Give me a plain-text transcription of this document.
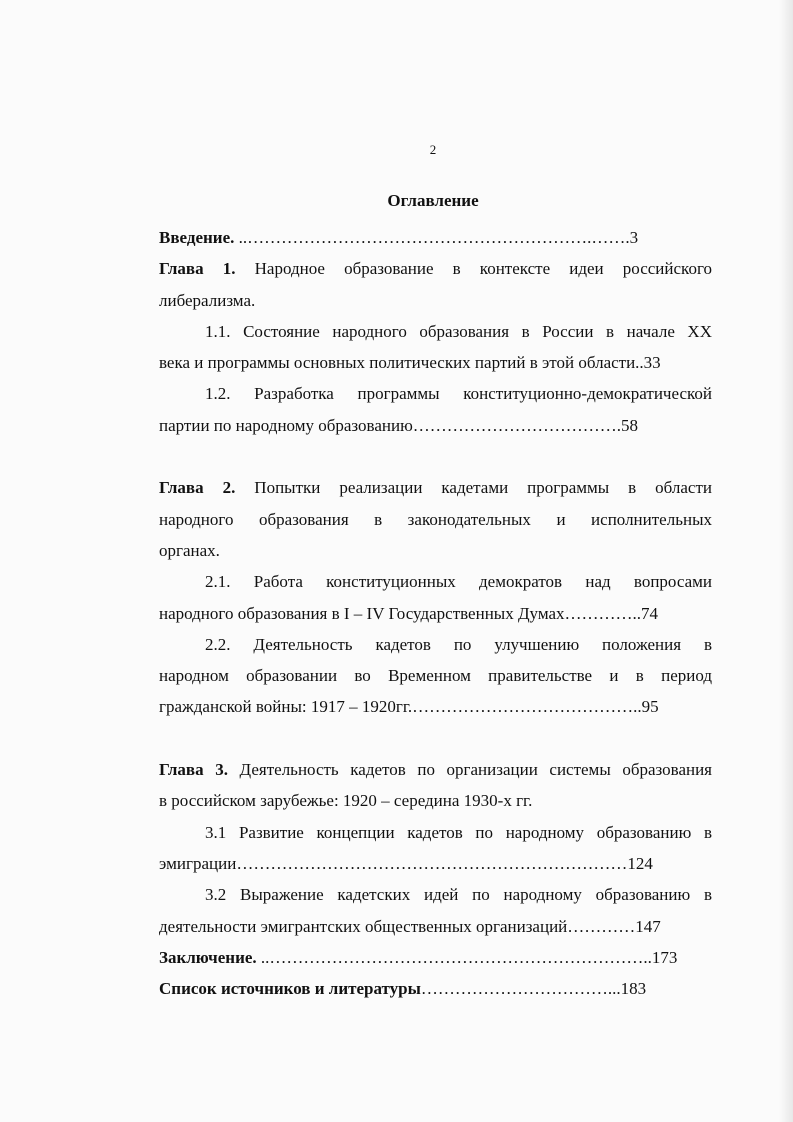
2
Оглавление
Введение. ..…………………………………………………….…….3
Глава 1. Народное образование в контексте идеи российского
либерализма.
1.1. Состояние народного образования в России в начале XX
века и программы основных политических партий в этой области..33
1.2. Разработка программы конституционно-демократической
партии по народному образованию……………………………….58
Глава 2. Попытки реализации кадетами программы в области
народного образования в законодательных и исполнительных
органах.
2.1. Работа конституционных демократов над вопросами
народного образования в I – IV Государственных Думах…………..74
2.2. Деятельность кадетов по улучшению положения в
народном образовании во Временном правительстве и в период
гражданской войны: 1917 – 1920гг.…………………………………..95
Глава 3. Деятельность кадетов по организации системы образования
в российском зарубежье: 1920 – середина 1930-х гг.
3.1 Развитие концепции кадетов по народному образованию в
эмиграции……………………………………………………………124
3.2 Выражение кадетских идей по народному образованию в
деятельности эмигрантских общественных организаций…………147
Заключение. ..…………………………………………………………..173
Список источников и литературы……………………………...183
